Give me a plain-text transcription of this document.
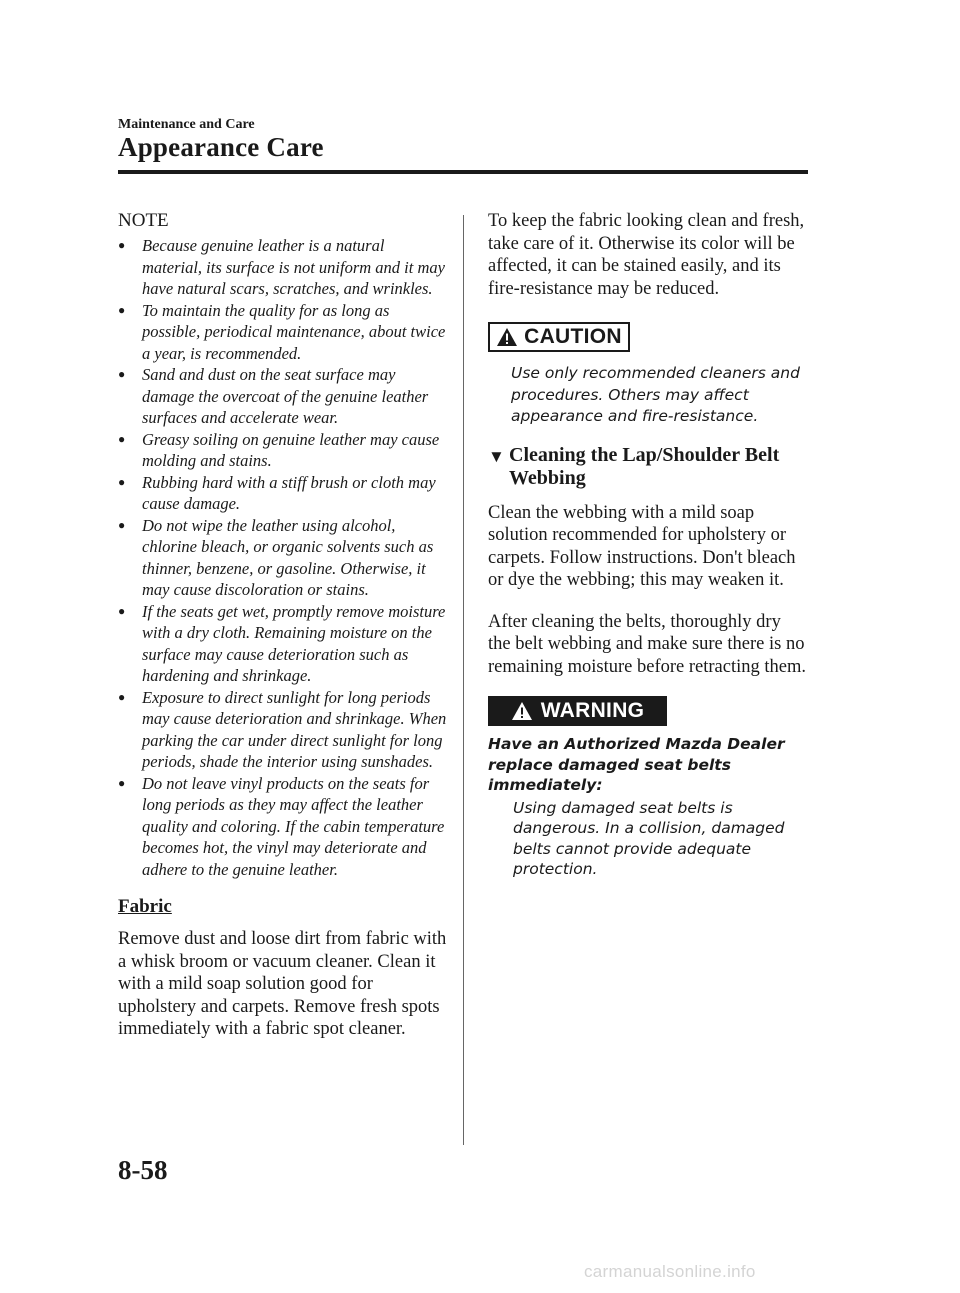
Maintenance and Care
Appearance Care
NOTE
● Because genuine leather is a natural material, its surface is not uniform and it may have natural scars, scratches, and wrinkles.
● To maintain the quality for as long as possible, periodical maintenance, about twice a year, is recommended.
● Sand and dust on the seat surface may damage the overcoat of the genuine leather surfaces and accelerate wear.
● Greasy soiling on genuine leather may cause molding and stains.
● Rubbing hard with a stiff brush or cloth may cause damage.
● Do not wipe the leather using alcohol, chlorine bleach, or organic solvents such as thinner, benzene, or gasoline. Otherwise, it may cause discoloration or stains.
● If the seats get wet, promptly remove moisture with a dry cloth. Remaining moisture on the surface may cause deterioration such as hardening and shrinkage.
● Exposure to direct sunlight for long periods may cause deterioration and shrinkage. When parking the car under direct sunlight for long periods, shade the interior using sunshades.
● Do not leave vinyl products on the seats for long periods as they may affect the leather quality and coloring. If the cabin temperature becomes hot, the vinyl may deteriorate and adhere to the genuine leather.
Fabric

Remove dust and loose dirt from fabric with a whisk broom or vacuum cleaner. Clean it with a mild soap solution good for upholstery and carpets. Remove fresh spots immediately with a fabric spot cleaner.

To keep the fabric looking clean and fresh, take care of it. Otherwise its color will be affected, it can be stained easily, and its fire-resistance may be reduced.

CAUTION
Use only recommended cleaners and procedures. Others may affect appearance and fire-resistance.
▼ Cleaning the Lap/Shoulder Belt Webbing

Clean the webbing with a mild soap solution recommended for upholstery or carpets. Follow instructions. Don't bleach or dye the webbing; this may weaken it.

After cleaning the belts, thoroughly dry the belt webbing and make sure there is no remaining moisture before retracting them.

WARNING
Have an Authorized Mazda Dealer replace damaged seat belts immediately:
Using damaged seat belts is dangerous. In a collision, damaged belts cannot provide adequate protection.
8-58
carmanualsonline.info
